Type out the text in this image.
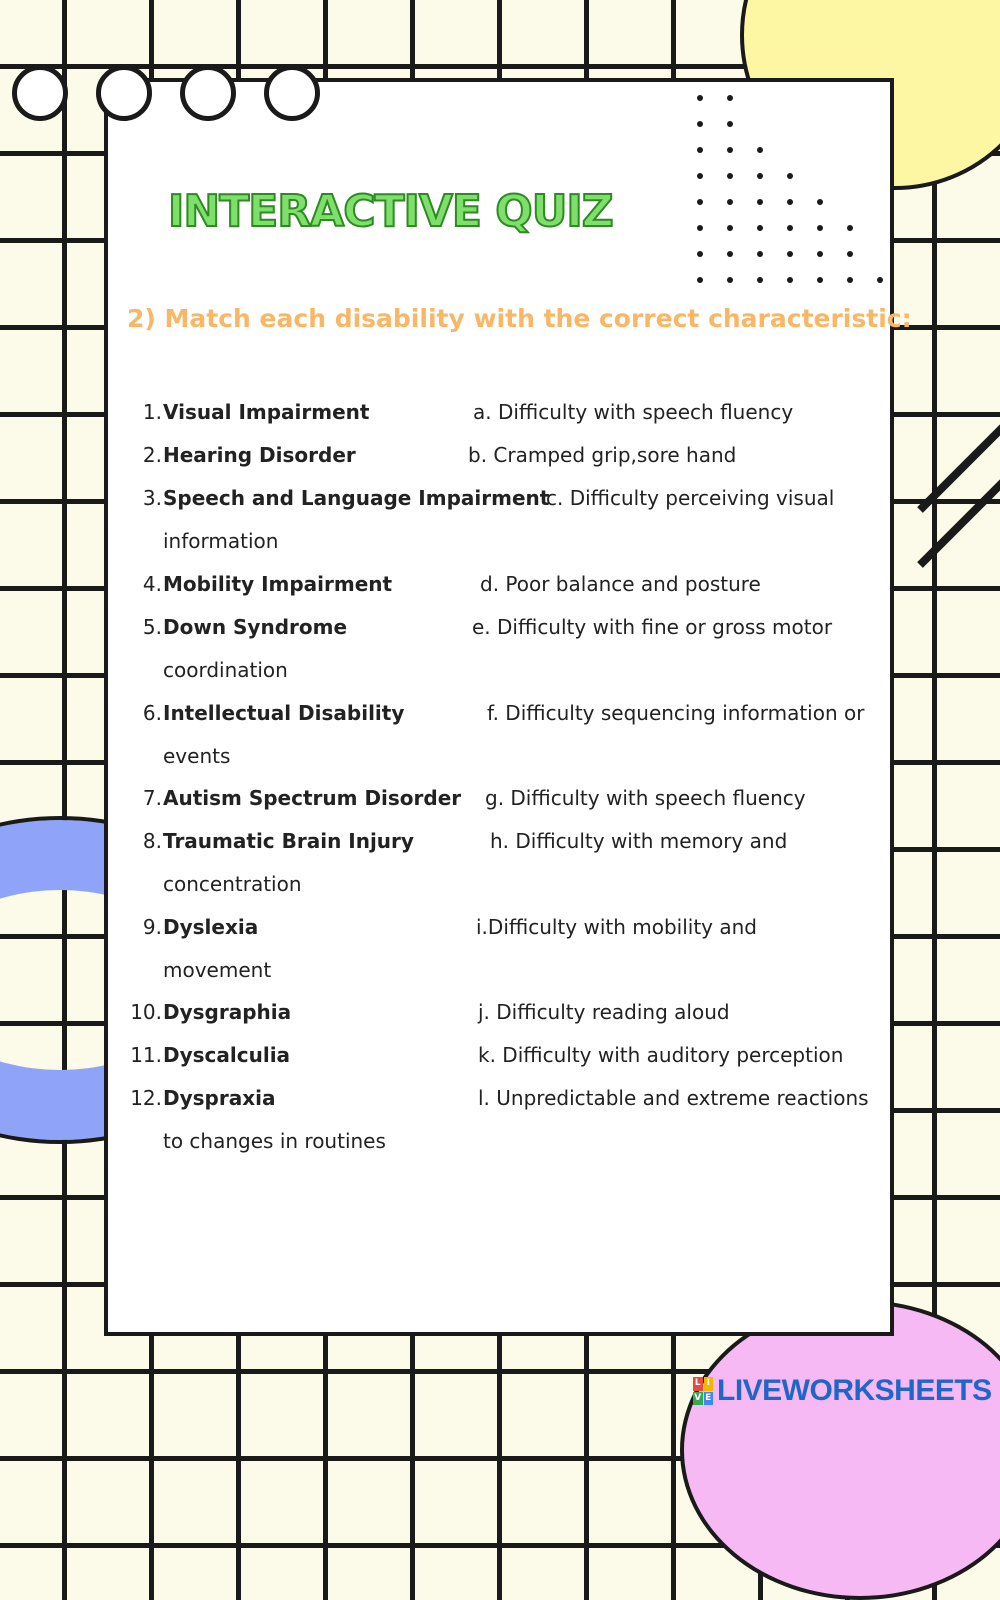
INTERACTIVE QUIZ

2) Match each disability with the correct characteristic:

1. Visual Impairment	a. Difficulty with speech fluency
2. Hearing Disorder	b. Cramped grip,sore hand
3. Speech and Language Impairment
c. Difficulty perceiving visual
information
4. Mobility Impairment	d. Poor balance and posture
5. Down Syndrome	e. Difficulty with fine or gross motor
coordination
6. Intellectual Disability	f. Difficulty sequencing information or
events
7. Autism Spectrum Disorder g. Difficulty with speech fluency
8. Traumatic Brain Injury	h. Difficulty with memory and
concentration
9. Dyslexia	i.Difficulty with mobility and
movement
10. Dysgraphia	j. Difficulty reading aloud
11. Dyscalculia	k. Difficulty with auditory perception
12. Dyspraxia	l. Unpredictable and extreme reactions
to changes in routines
L I
V E LIVEWORKSHEETS
